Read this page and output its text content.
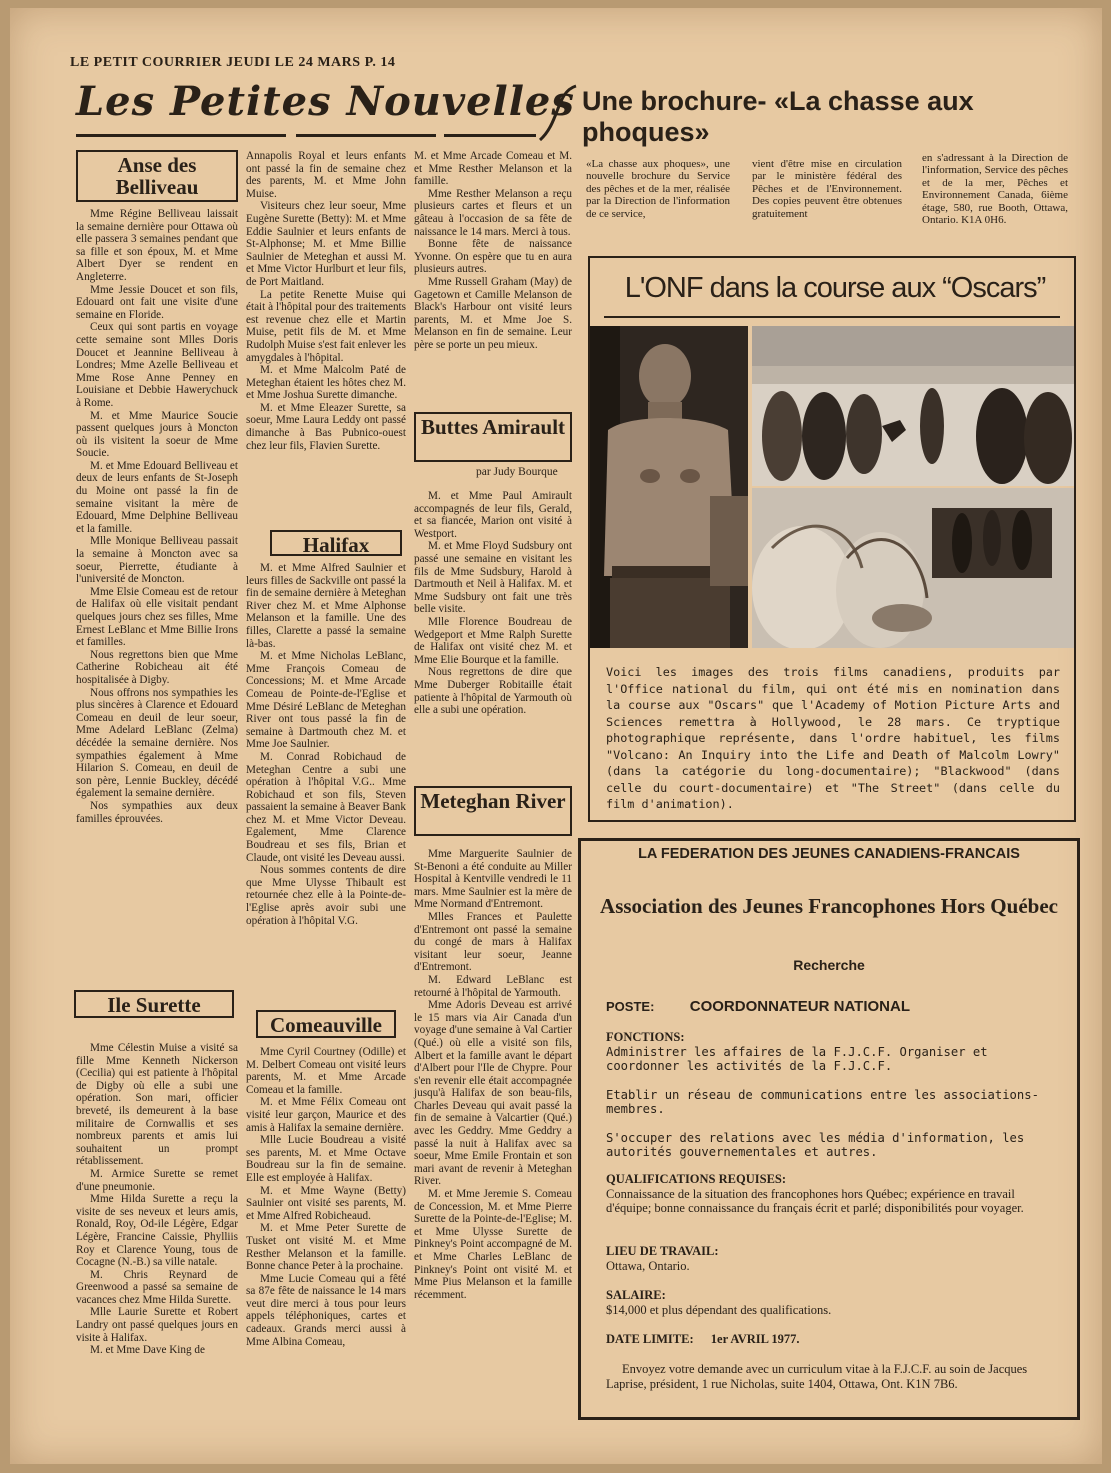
LE PETIT COURRIER JEUDI LE 24 MARS P. 14
Les Petites Nouvelles
Anse des Belliveau

Mme Régine Belliveau laissait la semaine dernière pour Ottawa où elle passera 3 semaines pendant que sa fille et son époux, M. et Mme Albert Dyer se rendent en Angleterre.

Mme Jessie Doucet et son fils, Edouard ont fait une visite d'une semaine en Floride.

Ceux qui sont partis en voyage cette semaine sont Mlles Doris Doucet et Jeannine Belliveau à Londres; Mme Azelle Belliveau et Mme Rose Anne Penney en Louisiane et Debbie Hawerychuck à Rome.

M. et Mme Maurice Soucie passent quelques jours à Moncton où ils visitent la soeur de Mme Soucie.

M. et Mme Edouard Belliveau et deux de leurs enfants de St-Joseph du Moine ont passé la fin de semaine visitant la mère de Edouard, Mme Delphine Belliveau et la famille.

Mlle Monique Belliveau passait la semaine à Moncton avec sa soeur, Pierrette, étudiante à l'université de Moncton.

Mme Elsie Comeau est de retour de Halifax où elle visitait pendant quelques jours chez ses filles, Mme Ernest LeBlanc et Mme Billie Irons et familles.

Nous regrettons bien que Mme Catherine Robicheau ait été hospitalisée à Digby.

Nous offrons nos sympathies les plus sincères à Clarence et Edouard Comeau en deuil de leur soeur, Mme Adelard LeBlanc (Zelma) décédée la semaine dernière. Nos sympathies également à Mme Hilarion S. Comeau, en deuil de son père, Lennie Buckley, décédé également la semaine dernière.

Nos sympathies aux deux familles éprouvées.

Ile Surette

Mme Célestin Muise a visité sa fille Mme Kenneth Nickerson (Cecilia) qui est patiente à l'hôpital de Digby où elle a subi une opération. Son mari, officier breveté, ils demeurent à la base militaire de Cornwallis et ses nombreux parents et amis lui souhaitent un prompt rétablissement.

M. Armice Surette se remet d'une pneumonie.

Mme Hilda Surette a reçu la visite de ses neveux et leurs amis, Ronald, Roy, Od-ile Légère, Edgar Légère, Francine Caissie, Phylliis Roy et Clarence Young, tous de Cocagne (N.-B.) sa ville natale.

M. Chris Reynard de Greenwood a passé sa semaine de vacances chez Mme Hilda Surette.

Mlle Laurie Surette et Robert Landry ont passé quelques jours en visite à Halifax.

M. et Mme Dave King de

Annapolis Royal et leurs enfants ont passé la fin de semaine chez des parents, M. et Mme John Muise.

Visiteurs chez leur soeur, Mme Eugène Surette (Betty): M. et Mme Eddie Saulnier et leurs enfants de St-Alphonse; M. et Mme Billie Saulnier de Meteghan et aussi M. et Mme Victor Hurlburt et leur fils, de Port Maitland.

La petite Renette Muise qui était à l'hôpital pour des traitements est revenue chez elle et Martin Muise, petit fils de M. et Mme Rudolph Muise s'est fait enlever les amygdales à l'hôpital.

M. et Mme Malcolm Paté de Meteghan étaient les hôtes chez M. et Mme Joshua Surette dimanche.

M. et Mme Eleazer Surette, sa soeur, Mme Laura Leddy ont passé dimanche à Bas Pubnico-ouest chez leur fils, Flavien Surette.

Halifax

M. et Mme Alfred Saulnier et leurs filles de Sackville ont passé la fin de semaine dernière à Meteghan River chez M. et Mme Alphonse Melanson et la famille. Une des filles, Clarette a passé la semaine là-bas.

M. et Mme Nicholas LeBlanc, Mme François Comeau de Concessions; M. et Mme Arcade Comeau de Pointe-de-l'Eglise et Mme Désiré LeBlanc de Meteghan River ont tous passé la fin de semaine à Dartmouth chez M. et Mme Joe Saulnier.

M. Conrad Robichaud de Meteghan Centre a subi une opération à l'hôpital V.G.. Mme Robichaud et son fils, Steven passaient la semaine à Beaver Bank chez M. et Mme Victor Deveau. Egalement, Mme Clarence Boudreau et ses fils, Brian et Claude, ont visité les Deveau aussi.

Nous sommes contents de dire que Mme Ulysse Thibault est retournée chez elle à la Pointe-de-l'Eglise après avoir subi une opération à l'hôpital V.G.

Comeauville

Mme Cyril Courtney (Odille) et M. Delbert Comeau ont visité leurs parents, M. et Mme Arcade Comeau et la famille.

M. et Mme Félix Comeau ont visité leur garçon, Maurice et des amis à Halifax la semaine dernière.

Mlle Lucie Boudreau a visité ses parents, M. et Mme Octave Boudreau sur la fin de semaine. Elle est employée à Halifax.

M. et Mme Wayne (Betty) Saulnier ont visité ses parents, M. et Mme Alfred Robicheaud.

M. et Mme Peter Surette de Tusket ont visité M. et Mme Resther Melanson et la famille. Bonne chance Peter à la prochaine.

Mme Lucie Comeau qui a fêté sa 87e fête de naissance le 14 mars veut dire merci à tous pour leurs appels téléphoniques, cartes et cadeaux. Grands merci aussi à Mme Albina Comeau,

M. et Mme Arcade Comeau et M. et Mme Resther Melanson et la famille.

Mme Resther Melanson a reçu plusieurs cartes et fleurs et un gâteau à l'occasion de sa fête de naissance le 14 mars. Merci à tous.

Bonne fête de naissance Yvonne. On espère que tu en aura plusieurs autres.

Mme Russell Graham (May) de Gagetown et Camille Melanson de Black's Harbour ont visité leurs parents, M. et Mme Joe S. Melanson en fin de semaine. Leur père se porte un peu mieux.

Buttes Amirault
par Judy Bourque

M. et Mme Paul Amirault accompagnés de leur fils, Gerald, et sa fiancée, Marion ont visité à Westport.

M. et Mme Floyd Sudsbury ont passé une semaine en visitant les fils de Mme Sudsbury, Harold à Dartmouth et Neil à Halifax. M. et Mme Sudsbury ont fait une très belle visite.

Mlle Florence Boudreau de Wedgeport et Mme Ralph Surette de Halifax ont visité chez M. et Mme Elie Bourque et la famille.

Nous regrettons de dire que Mme Duberger Robitaille était patiente à l'hôpital de Yarmouth où elle a subi une opération.

Meteghan River

Mme Marguerite Saulnier de St-Benoni a été conduite au Miller Hospital à Kentville vendredi le 11 mars. Mme Saulnier est la mère de Mme Normand d'Entremont.

Mlles Frances et Paulette d'Entremont ont passé la semaine du congé de mars à Halifax visitant leur soeur, Jeanne d'Entremont.

M. Edward LeBlanc est retourné à l'hôpital de Yarmouth.

Mme Adoris Deveau est arrivé le 15 mars via Air Canada d'un voyage d'une semaine à Val Cartier (Qué.) où elle a visité son fils, Albert et la famille avant le départ d'Albert pour l'Ile de Chypre. Pour s'en revenir elle était accompagnée jusqu'à Halifax de son beau-fils, Charles Deveau qui avait passé la fin de semaine à Valcartier (Qué.) avec les Geddry. Mme Geddry a passé la nuit à Halifax avec sa soeur, Mme Emile Frontain et son mari avant de revenir à Meteghan River.

M. et Mme Jeremie S. Comeau de Concession, M. et Mme Pierre Surette de la Pointe-de-l'Eglise; M. et Mme Ulysse Surette de Pinkney's Point accompagné de M. et Mme Charles LeBlanc de Pinkney's Point ont visité M. et Mme Pius Melanson et la famille récemment.

Une brochure- «La chasse aux phoques»
«La chasse aux phoques», une nouvelle brochure du Service des pêches et de la mer, réalisée par la Direction de l'information de ce service,
vient d'être mise en circulation par le ministère fédéral des Pêches et de l'Environnement. Des copies peuvent être obtenues gratuitement
en s'adressant à la Direction de l'information, Service des pêches et de la mer, Pêches et Environnement Canada, 6ième étage, 580, rue Booth, Ottawa, Ontario. K1A 0H6.
L'ONF dans la course aux “Oscars”
Voici les images des trois films canadiens, produits par l'Office national du film, qui ont été mis en nomination dans la course aux "Oscars" que l'Academy of Motion Picture Arts and Sciences remettra à Hollywood, le 28 mars. Ce tryptique photographique représente, dans l'ordre habituel, les films "Volcano: An Inquiry into the Life and Death of Malcolm Lowry" (dans la catégorie du long-documentaire); "Blackwood" (dans celle du court-documentaire) et "The Street" (dans celle du film d'animation).
LA FEDERATION DES JEUNES CANADIENS-FRANCAIS
Association des Jeunes Francophones Hors Québec
Recherche
POSTE: COORDONNATEUR NATIONAL
FONCTIONS:
Administrer les affaires de la F.J.C.F. Organiser et coordonner les activités de la F.J.C.F.
Etablir un réseau de communications entre les associations-membres.
S'occuper des relations avec les média d'information, les autorités gouvernementales et autres.
QUALIFICATIONS REQUISES:
Connaissance de la situation des francophones hors Québec; expérience en travail d'équipe; bonne connaissance du français écrit et parlé; disponibilités pour voyager.
LIEU DE TRAVAIL:
Ottawa, Ontario.
SALAIRE:
$14,000 et plus dépendant des qualifications.
DATE LIMITE: 1er AVRIL 1977.
Envoyez votre demande avec un curriculum vitae à la F.J.C.F. au soin de Jacques Laprise, président, 1 rue Nicholas, suite 1404, Ottawa, Ont. K1N 7B6.
